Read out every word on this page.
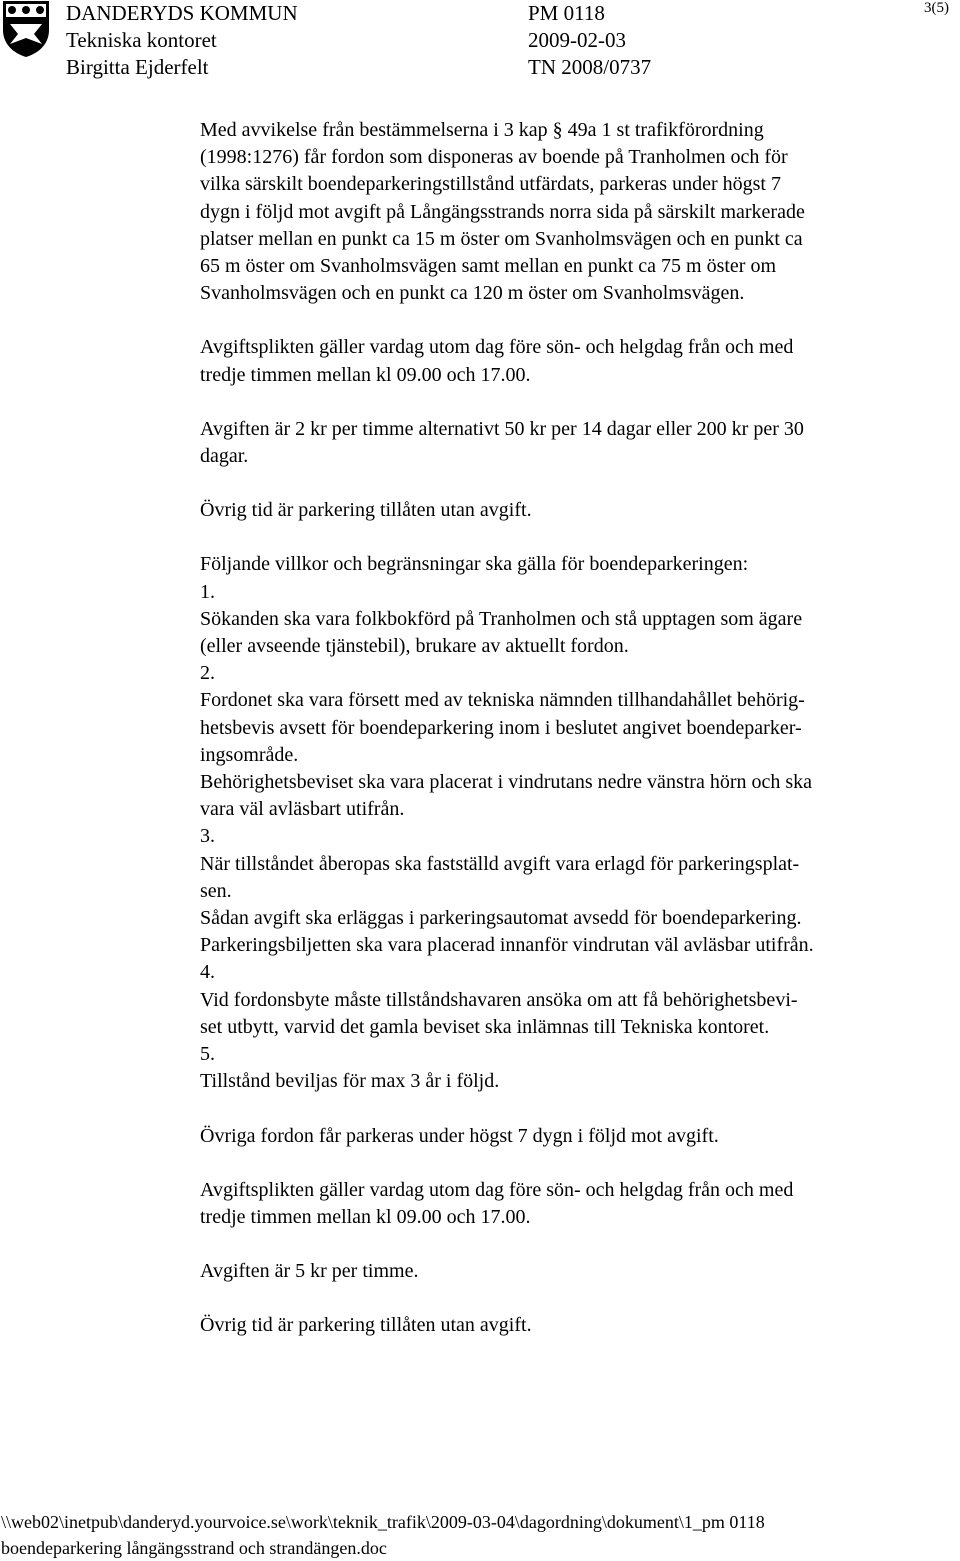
DANDERYDS KOMMUN
Tekniska kontoret
Birgitta Ejderfelt
PM 0118
2009-02-03
TN 2008/0737
3(5)

Med avvikelse från bestämmelserna i 3 kap § 49a 1 st trafikförordning

(1998:1276) får fordon som disponeras av boende på Tranholmen och för

vilka särskilt boendeparkeringstillstånd utfärdats, parkeras under högst 7

dygn i följd mot avgift på Långängsstrands norra sida på särskilt markerade

platser mellan en punkt ca 15 m öster om Svanholmsvägen och en punkt ca

65 m öster om Svanholmsvägen samt mellan en punkt ca 75 m öster om

Svanholmsvägen och en punkt ca 120 m öster om Svanholmsvägen.

Avgiftsplikten gäller vardag utom dag före sön- och helgdag från och med

tredje timmen mellan kl 09.00 och 17.00.

Avgiften är 2 kr per timme alternativt 50 kr per 14 dagar eller 200 kr per 30

dagar.

Övrig tid är parkering tillåten utan avgift.

Följande villkor och begränsningar ska gälla för boendeparkeringen:

1.

Sökanden ska vara folkbokförd på Tranholmen och stå upptagen som ägare

(eller avseende tjänstebil), brukare av aktuellt fordon.

2.

Fordonet ska vara försett med av tekniska nämnden tillhandahållet behörig-

hetsbevis avsett för boendeparkering inom i beslutet angivet boendeparker-

ingsområde.

Behörighetsbeviset ska vara placerat i vindrutans nedre vänstra hörn och ska

vara väl avläsbart utifrån.

3.

När tillståndet åberopas ska fastställd avgift vara erlagd för parkeringsplat-

sen.

Sådan avgift ska erläggas i parkeringsautomat avsedd för boendeparkering.

Parkeringsbiljetten ska vara placerad innanför vindrutan väl avläsbar utifrån.

4.

Vid fordonsbyte måste tillståndshavaren ansöka om att få behörighetsbevi-

set utbytt, varvid det gamla beviset ska inlämnas till Tekniska kontoret.

5.

Tillstånd beviljas för max 3 år i följd.

Övriga fordon får parkeras under högst 7 dygn i följd mot avgift.

Avgiftsplikten gäller vardag utom dag före sön- och helgdag från och med

tredje timmen mellan kl 09.00 och 17.00.

Avgiften är 5 kr per timme.

Övrig tid är parkering tillåten utan avgift.

\\web02\inetpub\danderyd.yourvoice.se\work\teknik_trafik\2009-03-04\dagordning\dokument\1_pm 0118
boendeparkering långängsstrand och strandängen.doc
